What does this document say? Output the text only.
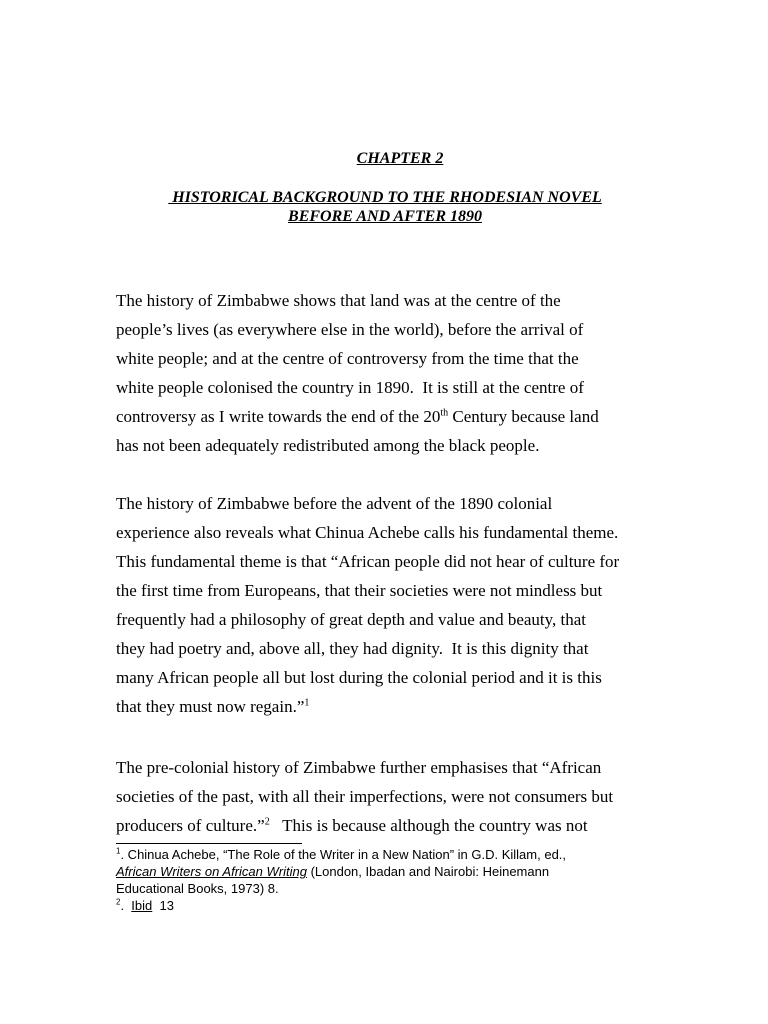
CHAPTER 2
HISTORICAL BACKGROUND TO THE RHODESIAN NOVEL
BEFORE AND AFTER 1890

The history of Zimbabwe shows that land was at the centre of the
people’s lives (as everywhere else in the world), before the arrival of
white people; and at the centre of controversy from the time that the
white people colonised the country in 1890.  It is still at the centre of
controversy as I write towards the end of the 20th Century because land
has not been adequately redistributed among the black people.

The history of Zimbabwe before the advent of the 1890 colonial
experience also reveals what Chinua Achebe calls his fundamental theme.
This fundamental theme is that “African people did not hear of culture for
the first time from Europeans, that their societies were not mindless but
frequently had a philosophy of great depth and value and beauty, that
they had poetry and, above all, they had dignity.  It is this dignity that
many African people all but lost during the colonial period and it is this
that they must now regain.”$^1$

The pre-colonial history of Zimbabwe further emphasises that “African
societies of the past, with all their imperfections, were not consumers but
producers of culture.”$^2$   This is because although the country was not

$^1$. Chinua Achebe, “The Role of the Writer in a New Nation” in G.D. Killam, ed.,
African Writers on African Writing (London, Ibadan and Nairobi: Heinemann
Educational Books, 1973) 8.
$^2$.  Ibid  13
